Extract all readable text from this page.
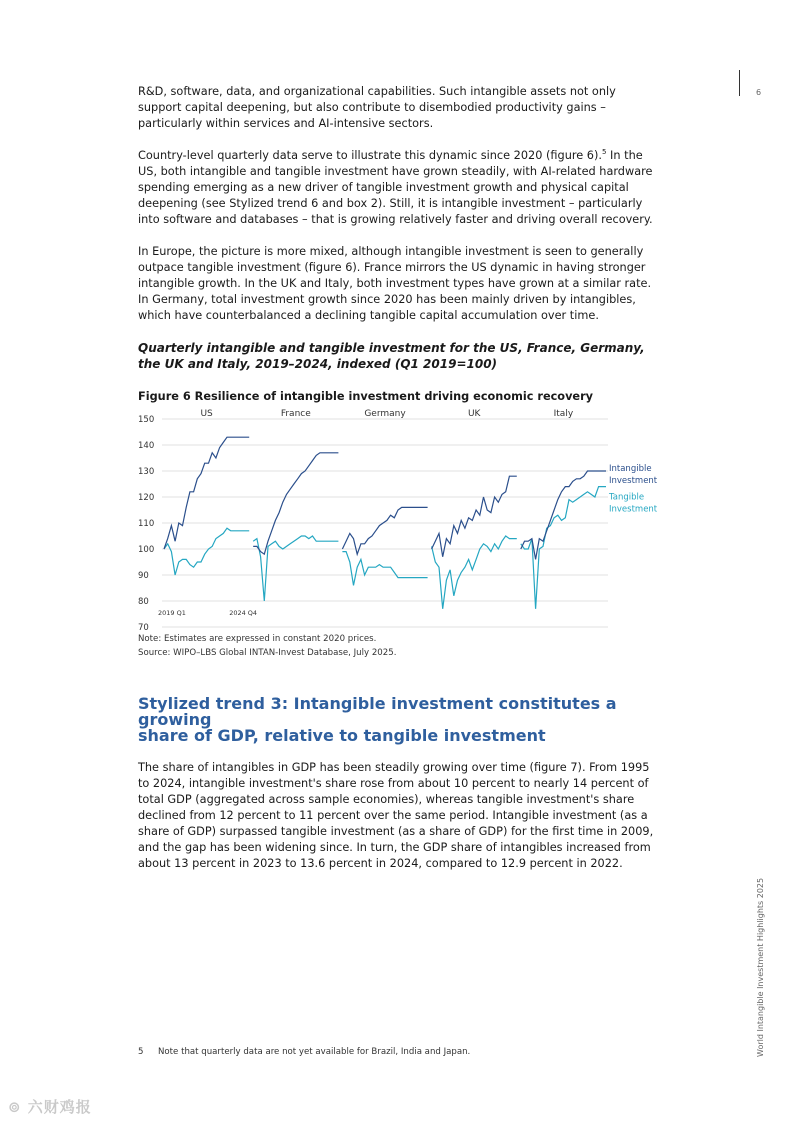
6
World Intangible Investment Highlights 2025

R&D, software, data, and organizational capabilities. Such intangible assets not only support capital deepening, but also contribute to disembodied productivity gains – particularly within services and AI-intensive sectors.

Country-level quarterly data serve to illustrate this dynamic since 2020 (figure 6).$^5$ In the US, both intangible and tangible investment have grown steadily, with AI-related hardware spending emerging as a new driver of tangible investment growth and physical capital deepening (see Stylized trend 6 and box 2). Still, it is intangible investment – particularly into software and databases – that is growing relatively faster and driving overall recovery.

In Europe, the picture is more mixed, although intangible investment is seen to generally outpace tangible investment (figure 6). France mirrors the US dynamic in having stronger intangible growth. In the UK and Italy, both investment types have grown at a similar rate. In Germany, total investment growth since 2020 has been mainly driven by intangibles, which have counterbalanced a declining tangible capital accumulation over time.

Quarterly intangible and tangible investment for the US, France, Germany, the UK and Italy, 2019–2024, indexed (Q1 2019=100)

Figure 6 Resilience of intangible investment driving economic recovery

70
80
90
100
110
120
130
140
150
US
2019 Q1	2024 Q4
France	Germany	UK	Italy
Intangible Investment
Tangible Investment

Note: Estimates are expressed in constant 2020 prices.

Source: WIPO–LBS Global INTAN-Invest Database, July 2025.

Stylized trend 3: Intangible investment constitutes a growing
share of GDP, relative to tangible investment

The share of intangibles in GDP has been steadily growing over time (figure 7). From 1995 to 2024, intangible investment's share rose from about 10 percent to nearly 14 percent of total GDP (aggregated across sample economies), whereas tangible investment's share declined from 12 percent to 11 percent over the same period. Intangible investment (as a share of GDP) surpassed tangible investment (as a share of GDP) for the first time in 2009, and the gap has been widening since. In turn, the GDP share of intangibles increased from about 13 percent in 2023 to 13.6 percent in 2024, compared to 12.9 percent in 2022.

5 Note that quarterly data are not yet available for Brazil, India and Japan.
⊚ 六财鸡报
